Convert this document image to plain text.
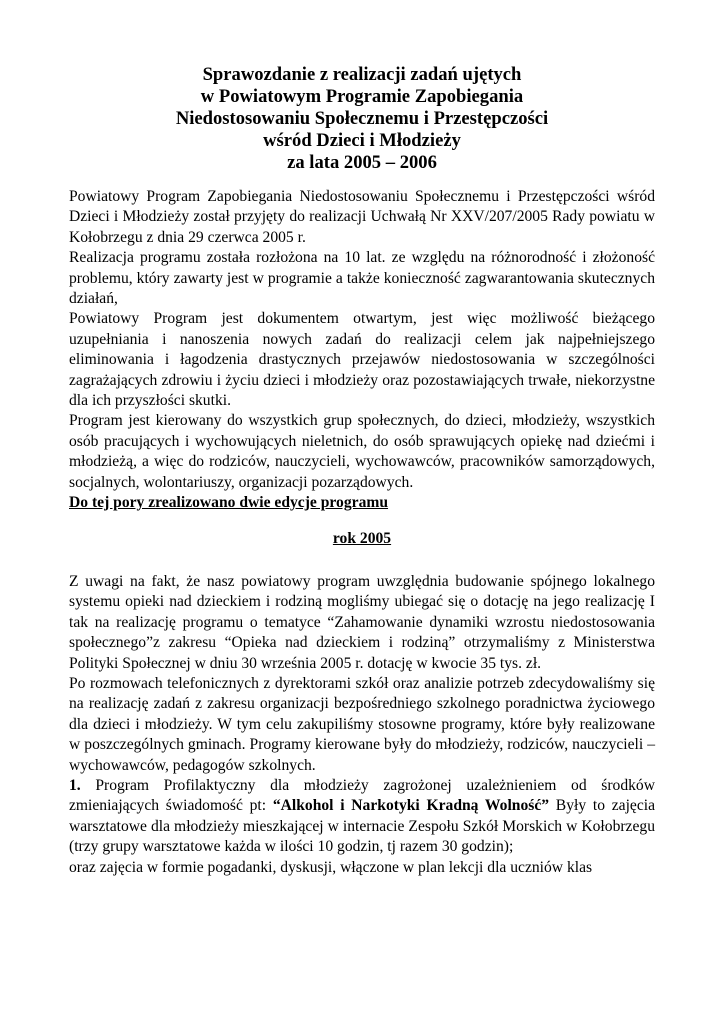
Sprawozdanie z realizacji zadań ujętych
w Powiatowym Programie Zapobiegania
Niedostosowaniu Społecznemu i Przestępczości
wśród Dzieci i Młodzieży
za lata 2005 – 2006

Powiatowy Program Zapobiegania Niedostosowaniu Społecznemu i Przestępczości wśród Dzieci i Młodzieży został przyjęty do realizacji Uchwałą Nr XXV/207/2005 Rady powiatu w Kołobrzegu z dnia 29 czerwca 2005 r.

Realizacja programu została rozłożona na 10 lat. ze względu na różnorodność i złożoność problemu, który zawarty jest w programie a także konieczność zagwarantowania skutecznych działań,

Powiatowy Program jest dokumentem otwartym, jest więc możliwość bieżącego uzupełniania i nanoszenia nowych zadań do realizacji celem jak najpełniejszego eliminowania i łagodzenia drastycznych przejawów niedostosowania w szczególności zagrażających zdrowiu i życiu dzieci i młodzieży oraz pozostawiających trwałe, niekorzystne dla ich przyszłości skutki.

Program jest kierowany do wszystkich grup społecznych, do dzieci, młodzieży, wszystkich osób pracujących i wychowujących nieletnich, do osób sprawujących opiekę nad dziećmi i młodzieżą, a więc do rodziców, nauczycieli, wychowawców, pracowników samorządowych, socjalnych, wolontariuszy, organizacji pozarządowych.

Do tej pory zrealizowano dwie edycje programu

rok 2005

Z uwagi na fakt, że nasz powiatowy program uwzględnia budowanie spójnego lokalnego systemu opieki nad dzieckiem i rodziną mogliśmy ubiegać się o dotację na jego realizację I tak na realizację programu o tematyce “Zahamowanie dynamiki wzrostu niedostosowania społecznego”z zakresu “Opieka nad dzieckiem i rodziną” otrzymaliśmy z Ministerstwa Polityki Społecznej w dniu 30 września 2005 r. dotację w kwocie 35 tys. zł.

Po rozmowach telefonicznych z dyrektorami szkół oraz analizie potrzeb zdecydowaliśmy się na realizację zadań z zakresu organizacji bezpośredniego szkolnego poradnictwa życiowego dla dzieci i młodzieży. W tym celu zakupiliśmy stosowne programy, które były realizowane w poszczególnych gminach. Programy kierowane były do młodzieży, rodziców, nauczycieli – wychowawców, pedagogów szkolnych.

1. Program Profilaktyczny dla młodzieży zagrożonej uzależnieniem od środków zmieniających świadomość pt: “Alkohol i Narkotyki Kradną Wolność” Były to zajęcia warsztatowe dla młodzieży mieszkającej w internacie Zespołu Szkół Morskich w Kołobrzegu (trzy grupy warsztatowe każda w ilości 10 godzin, tj razem 30 godzin);

oraz zajęcia w formie pogadanki, dyskusji, włączone w plan lekcji dla uczniów klas
